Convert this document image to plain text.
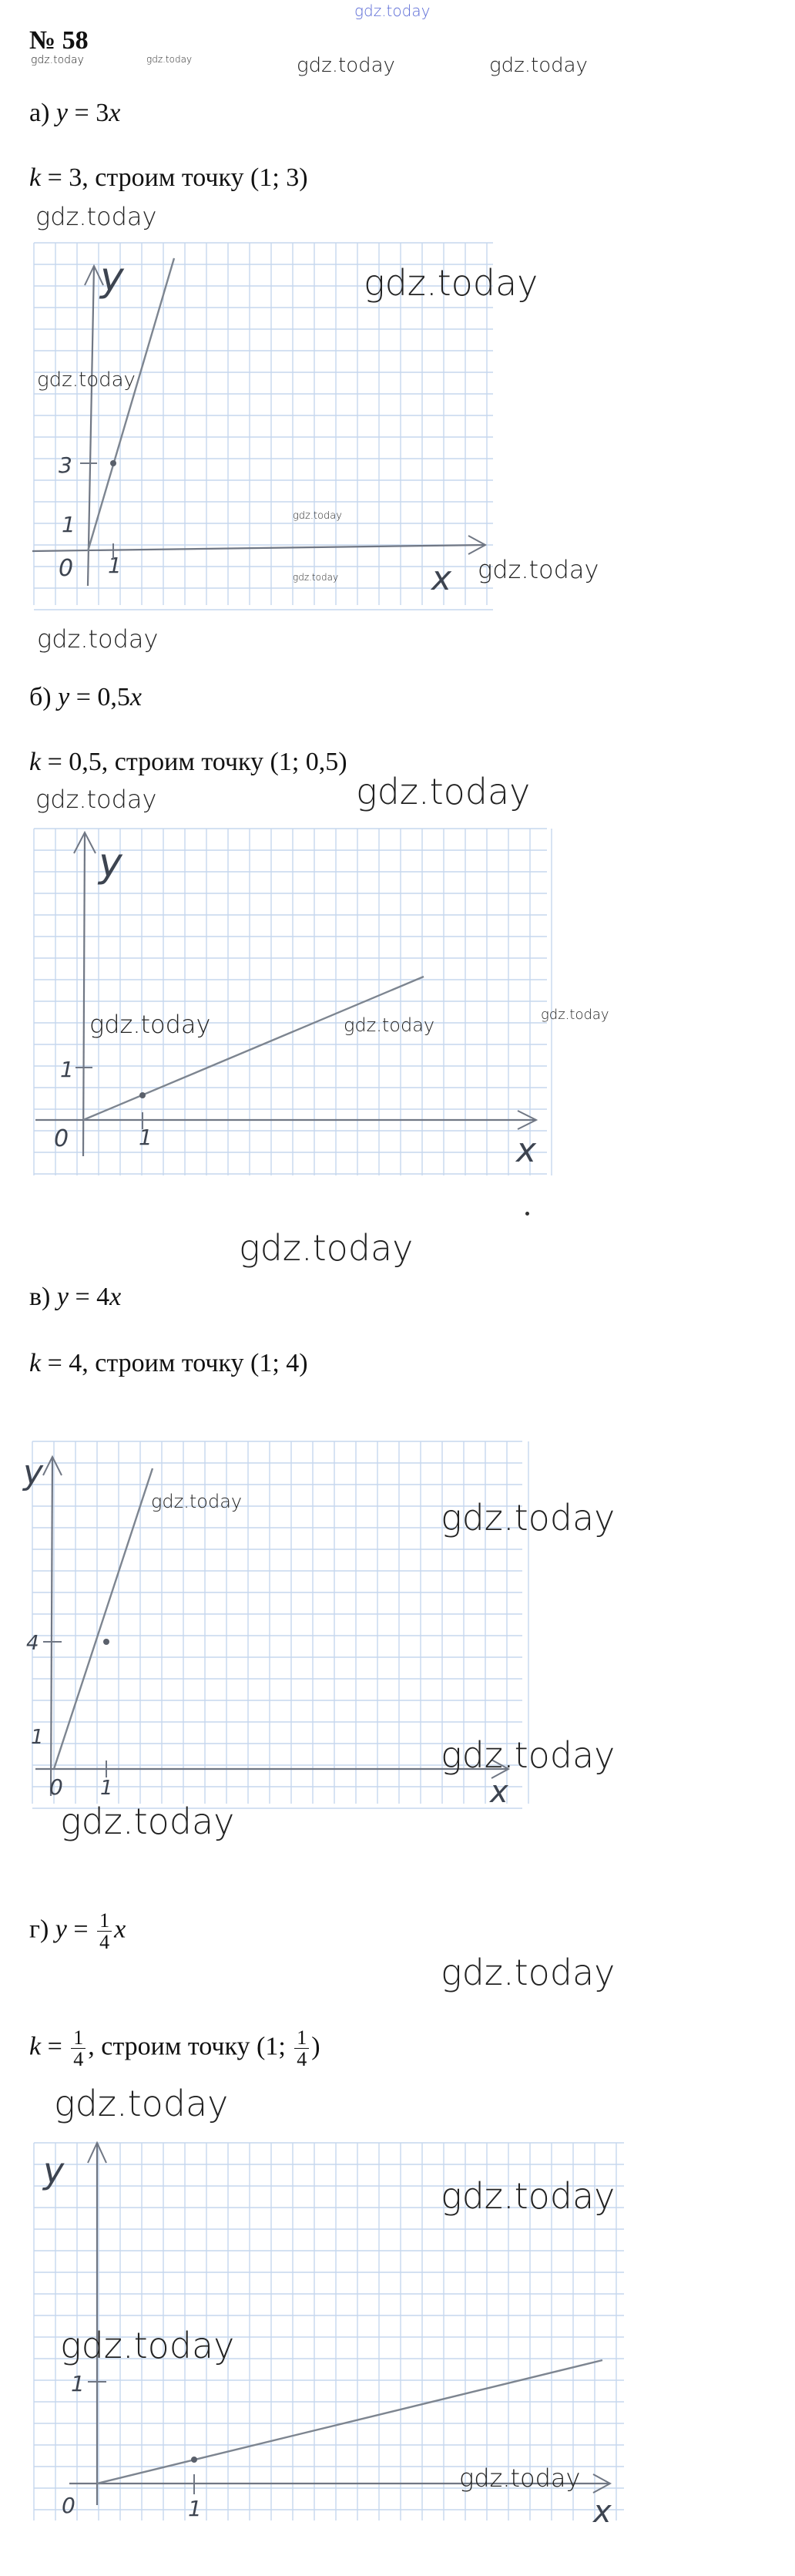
gdz.today
gdz.today	gdz.today	gdz.today	gdz.today
№ 58
а) y = 3x
k = 3, строим точку (1; 3)
gdz.today
y
x
0 1
1
3
gdz.today
gdz.today
gdz.today
gdz.today	gdz.today
gdz.today
б) y = 0,5x
k = 0,5, строим точку (1; 0,5)
gdz.today
gdz.today
y
x
0	1
1
gdz.today	gdz.today	gdz.today
gdz.today
в) y = 4x
k = 4, строим точку (1; 4)
y
x
0 1
1
4
gdz.today	gdz.today
gdz.today
gdz.today
г) $y = \frac{1}{4}$ x
gdz.today
$k = \frac{1}{4}$ , строим точку (1; $\frac{1}{4}$ )
gdz.today
y
x
0	1
1
gdz.today
gdz.today
gdz.today
